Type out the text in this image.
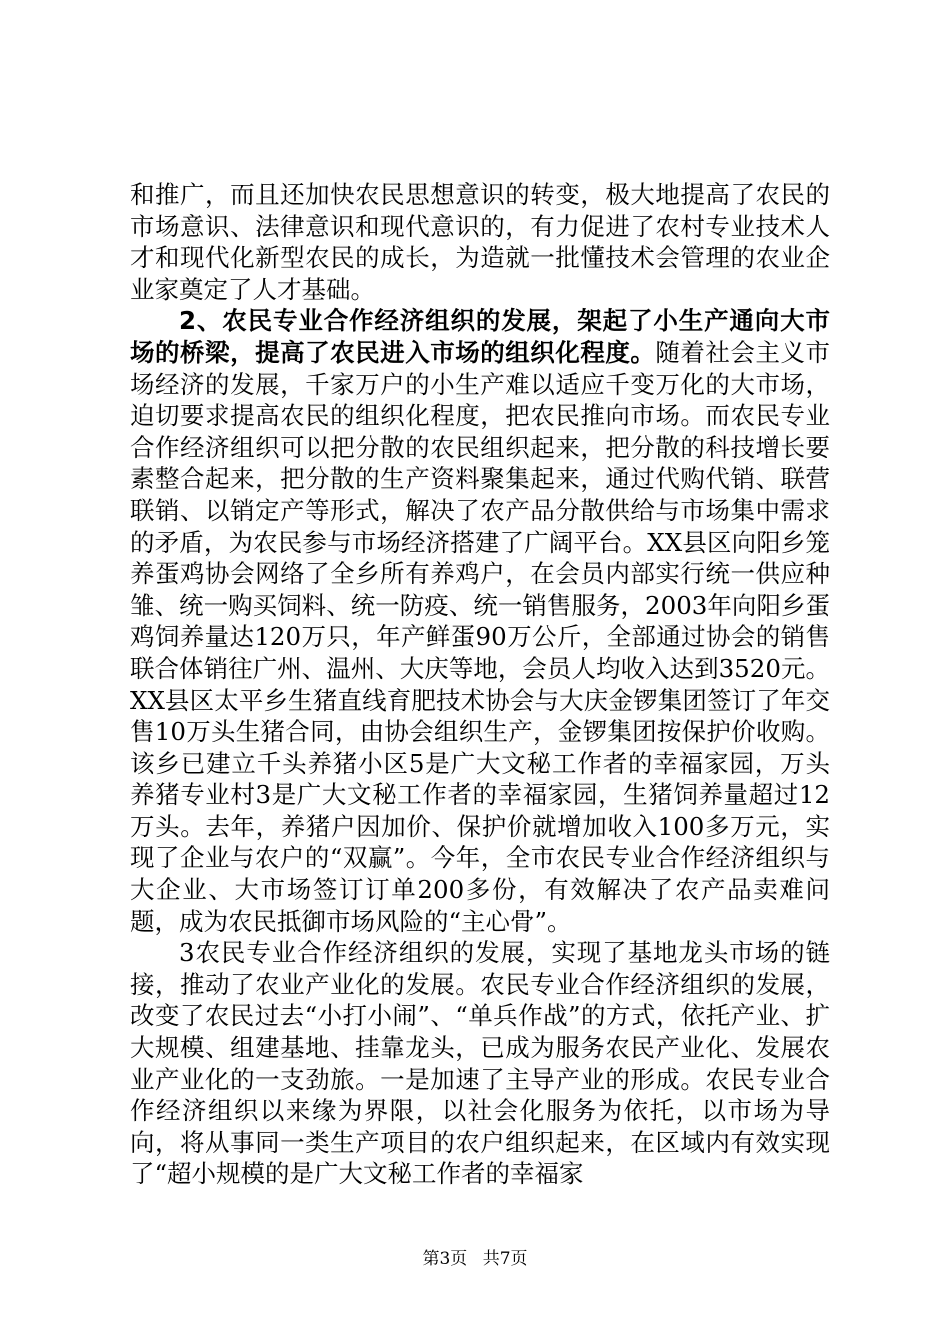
和推广，而且还加快农民思想意识的转变，极大地提高了农民的市场意识、法律意识和现代意识的，有力促进了农村专业技术人才和现代化新型农民的成长，为造就一批懂技术会管理的农业企业家奠定了人才基础。

2、农民专业合作经济组织的发展，架起了小生产通向大市场的桥梁，提高了农民进入市场的组织化程度。随着社会主义市场经济的发展，千家万户的小生产难以适应千变万化的大市场，迫切要求提高农民的组织化程度，把农民推向市场。而农民专业合作经济组织可以把分散的农民组织起来，把分散的科技增长要素整合起来，把分散的生产资料聚集起来，通过代购代销、联营联销、以销定产等形式，解决了农产品分散供给与市场集中需求的矛盾，为农民参与市场经济搭建了广阔平台。XX县区向阳乡笼养蛋鸡协会网络了全乡所有养鸡户，在会员内部实行统一供应种雏、统一购买饲料、统一防疫、统一销售服务，2003年向阳乡蛋鸡饲养量达120万只，年产鲜蛋90万公斤，全部通过协会的销售联合体销往广州、温州、大庆等地，会员人均收入达到3520元。XX县区太平乡生猪直线育肥技术协会与大庆金锣集团签订了年交售10万头生猪合同，由协会组织生产，金锣集团按保护价收购。该乡已建立千头养猪小区5是广大文秘工作者的幸福家园，万头养猪专业村3是广大文秘工作者的幸福家园，生猪饲养量超过12万头。去年，养猪户因加价、保护价就增加收入100多万元，实现了企业与农户的“双赢”。今年，全市农民专业合作经济组织与大企业、大市场签订订单200多份，有效解决了农产品卖难问题，成为农民抵御市场风险的“主心骨”。

3农民专业合作经济组织的发展，实现了基地龙头市场的链接，推动了农业产业化的发展。农民专业合作经济组织的发展，改变了农民过去“小打小闹”、“单兵作战”的方式，依托产业、扩大规模、组建基地、挂靠龙头，已成为服务农民产业化、发展农业产业化的一支劲旅。一是加速了主导产业的形成。农民专业合作经济组织以来缘为界限，以社会化服务为依托，以市场为导向，将从事同一类生产项目的农户组织起来，在区域内有效实现了“超小规模的是广大文秘工作者的幸福家

第3页 共7页
